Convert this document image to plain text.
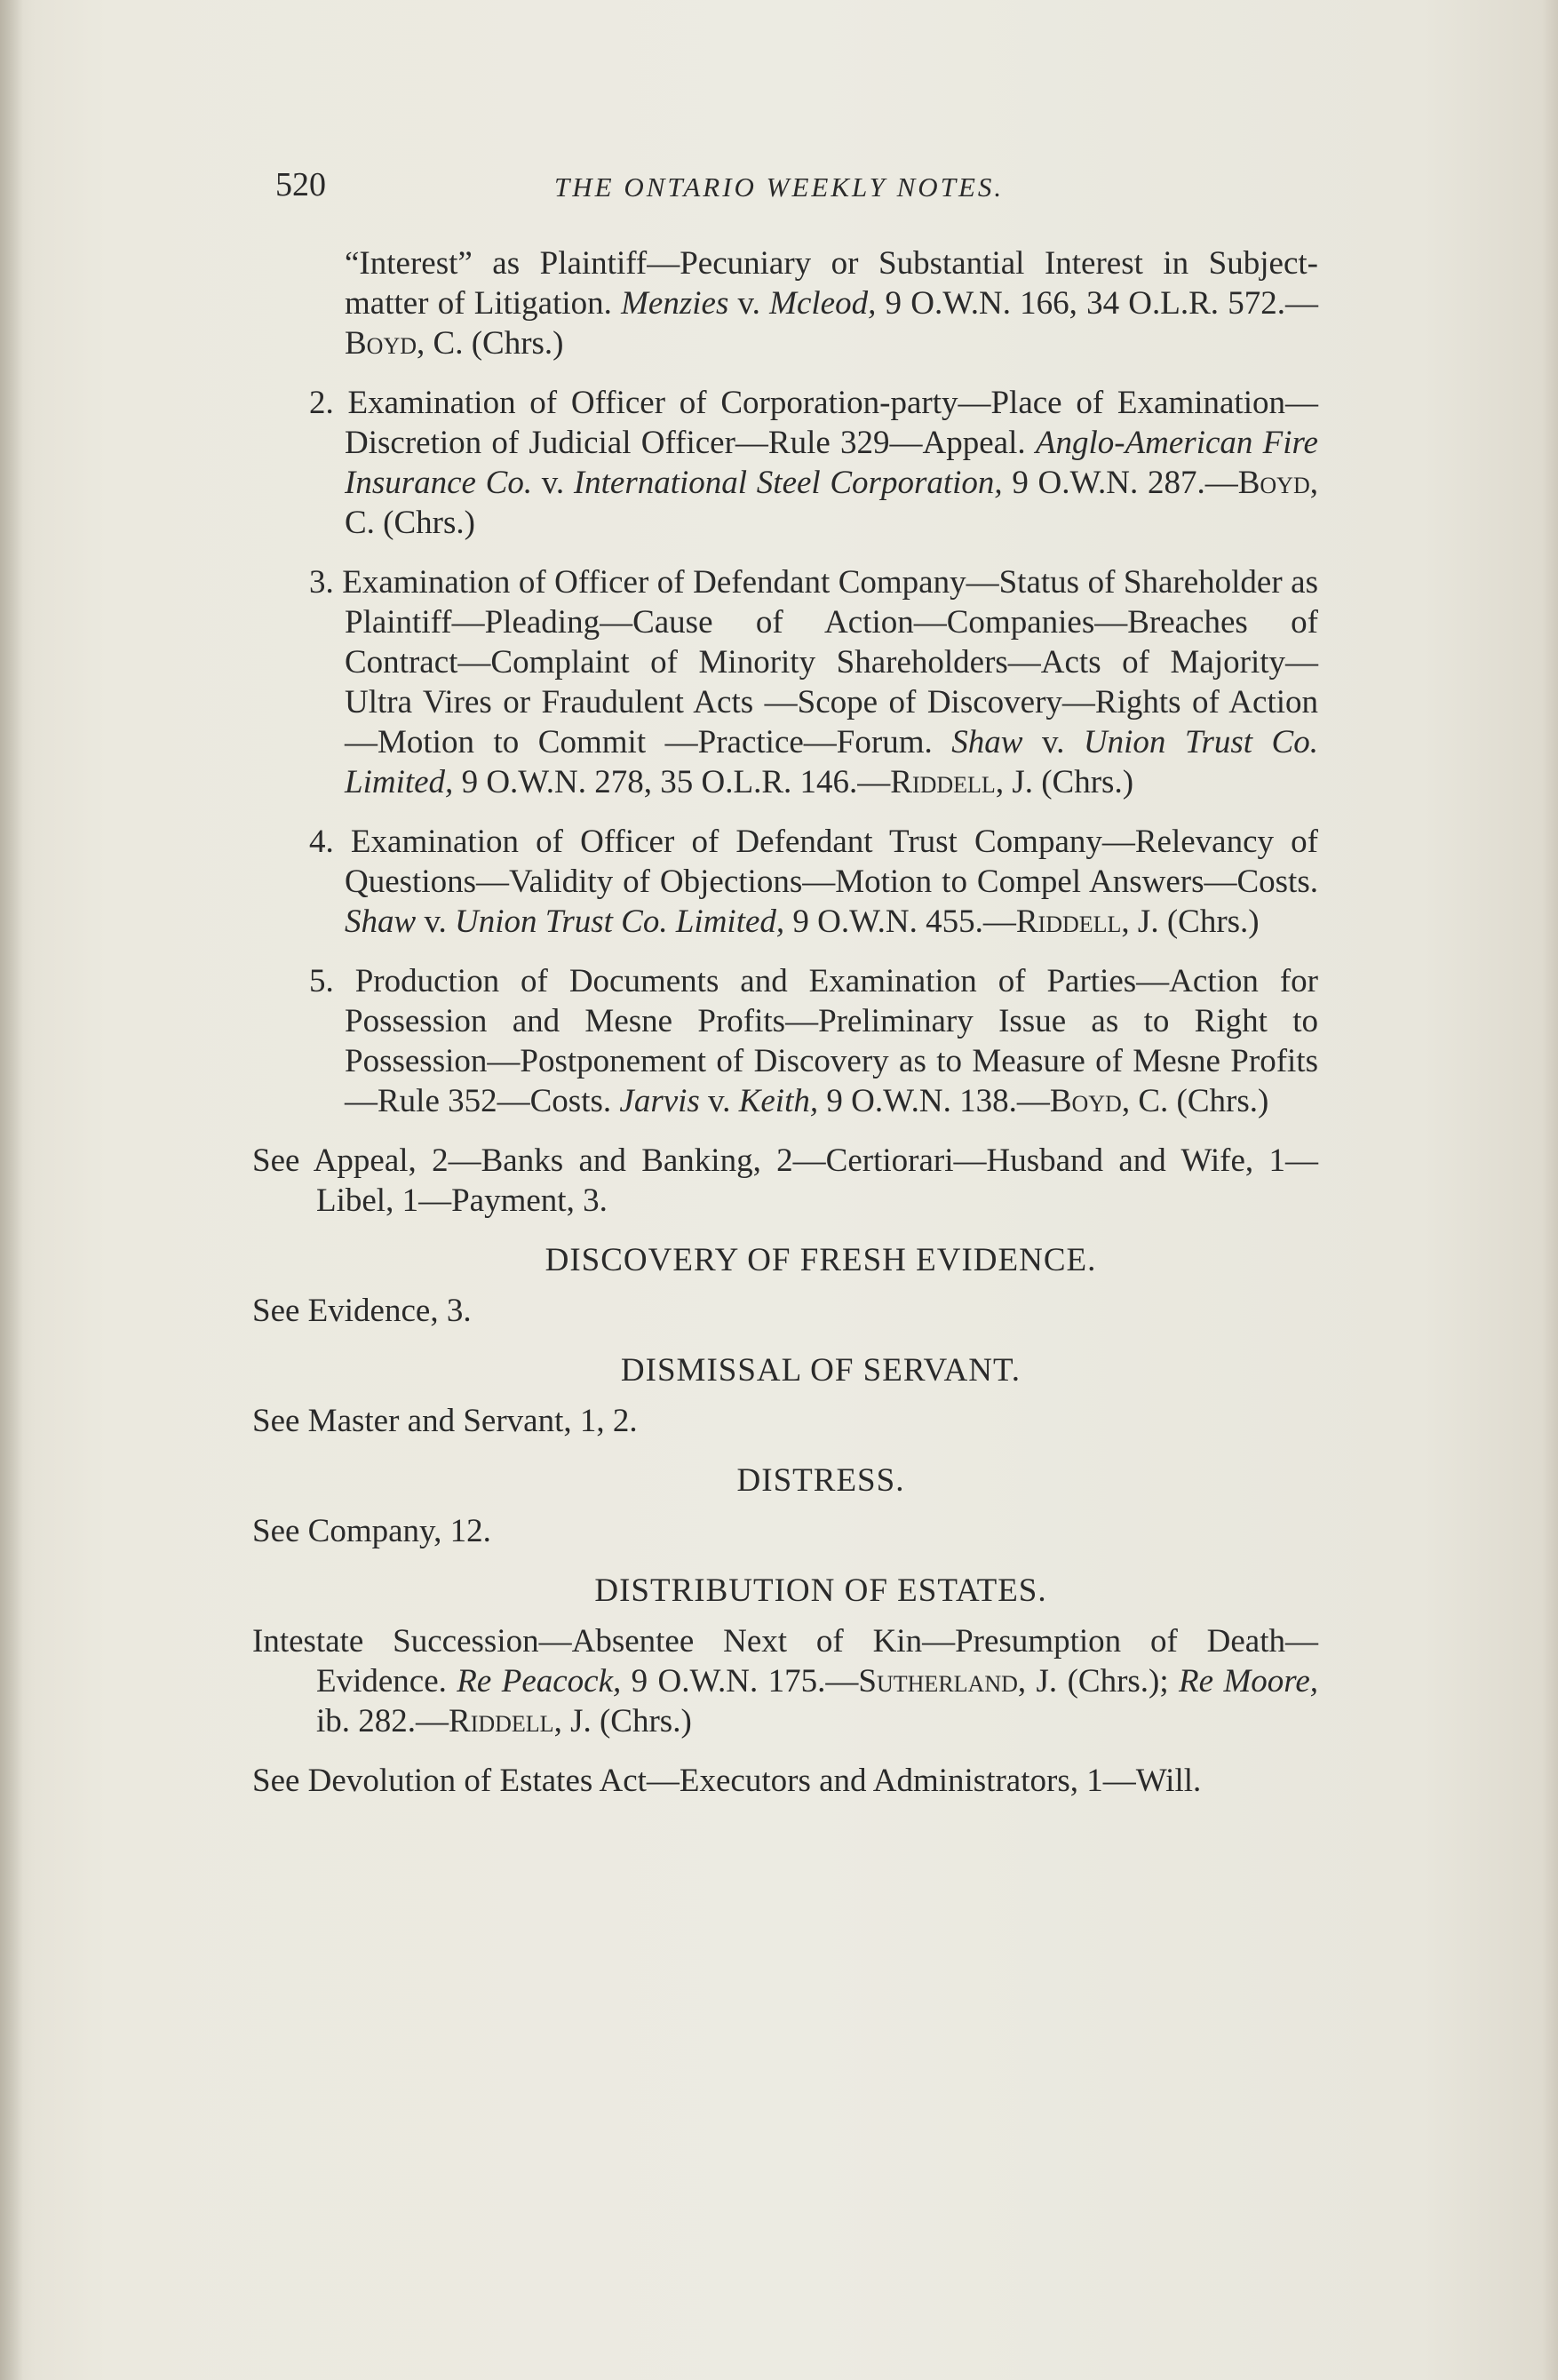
520	THE ONTARIO WEEKLY NOTES.

“Interest” as Plaintiff—Pecuniary or Substantial Interest in Subject-matter of Litigation. Menzies v. Mcleod, 9 O.W.N. 166, 34 O.L.R. 572.—Boyd, C. (Chrs.)

2. Examination of Officer of Corporation-party—Place of Examination—Discretion of Judicial Officer—Rule 329—Appeal. Anglo-American Fire Insurance Co. v. International Steel Corporation, 9 O.W.N. 287.—Boyd, C. (Chrs.)

3. Examination of Officer of Defendant Company—Status of Shareholder as Plaintiff—Pleading—Cause of Action—Companies—Breaches of Contract—Complaint of Minority Shareholders—Acts of Majority—Ultra Vires or Fraudulent Acts —Scope of Discovery—Rights of Action—Motion to Commit —Practice—Forum. Shaw v. Union Trust Co. Limited, 9 O.W.N. 278, 35 O.L.R. 146.—Riddell, J. (Chrs.)

4. Examination of Officer of Defendant Trust Company—Relevancy of Questions—Validity of Objections—Motion to Compel Answers—Costs. Shaw v. Union Trust Co. Limited, 9 O.W.N. 455.—Riddell, J. (Chrs.)

5. Production of Documents and Examination of Parties—Action for Possession and Mesne Profits—Preliminary Issue as to Right to Possession—Postponement of Discovery as to Measure of Mesne Profits—Rule 352—Costs. Jarvis v. Keith, 9 O.W.N. 138.—Boyd, C. (Chrs.)

See Appeal, 2—Banks and Banking, 2—Certiorari—Husband and Wife, 1—Libel, 1—Payment, 3.

DISCOVERY OF FRESH EVIDENCE.

See Evidence, 3.

DISMISSAL OF SERVANT.

See Master and Servant, 1, 2.

DISTRESS.

See Company, 12.

DISTRIBUTION OF ESTATES.

Intestate Succession—Absentee Next of Kin—Presumption of Death—Evidence. Re Peacock, 9 O.W.N. 175.—Sutherland, J. (Chrs.); Re Moore, ib. 282.—Riddell, J. (Chrs.)

See Devolution of Estates Act—Executors and Administrators, 1—Will.
